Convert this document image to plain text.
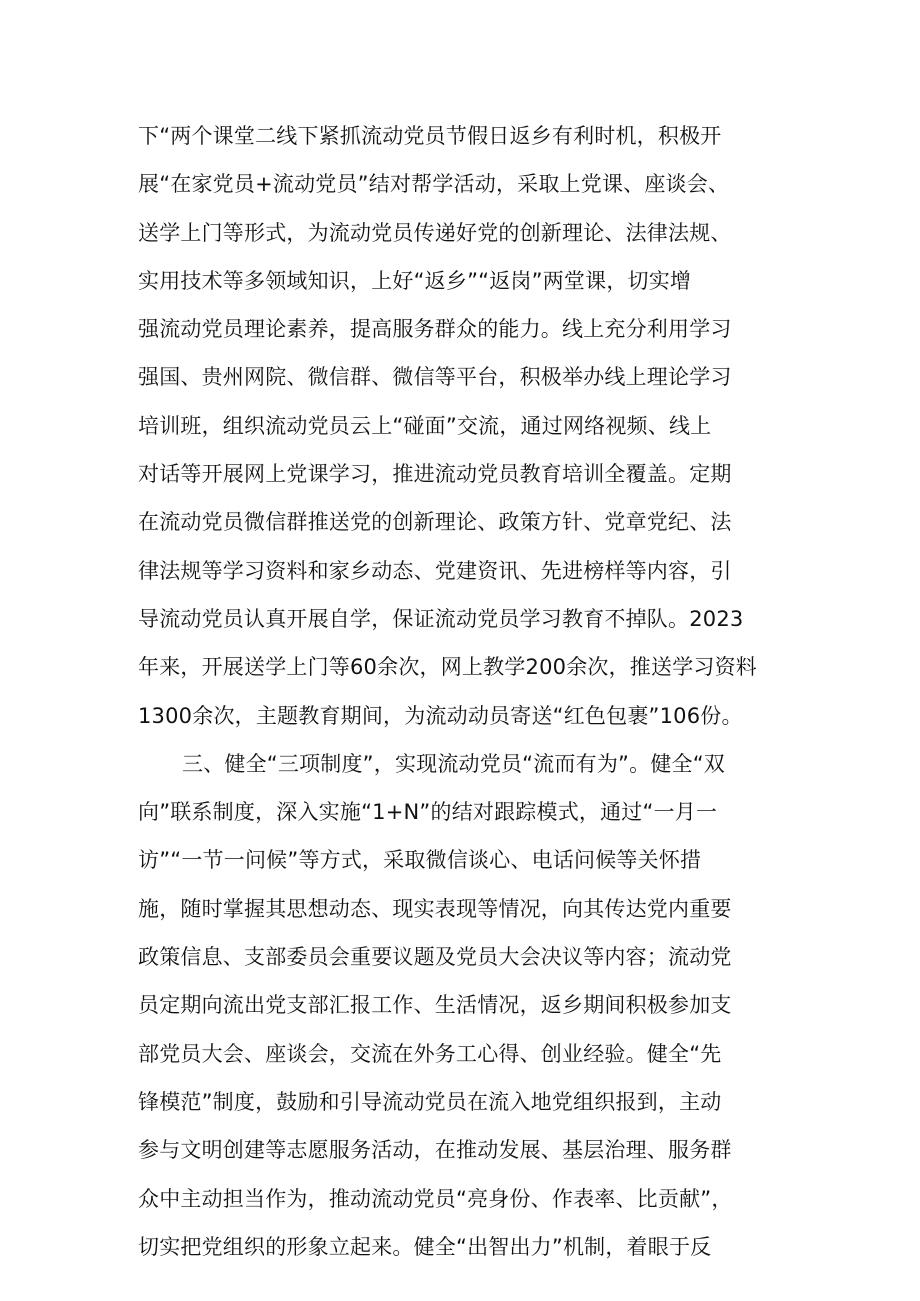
下“两个课堂二线下紧抓流动党员节假日返乡有利时机，积极开
展“在家党员+流动党员”结对帮学活动，采取上党课、座谈会、
送学上门等形式，为流动党员传递好党的创新理论、法律法规、
实用技术等多领域知识，上好“返乡”“返岗”两堂课，切实增
强流动党员理论素养，提高服务群众的能力。线上充分利用学习
强国、贵州网院、微信群、微信等平台，积极举办线上理论学习
培训班，组织流动党员云上“碰面”交流，通过网络视频、线上
对话等开展网上党课学习，推进流动党员教育培训全覆盖。定期
在流动党员微信群推送党的创新理论、政策方针、党章党纪、法
律法规等学习资料和家乡动态、党建资讯、先进榜样等内容，引
导流动党员认真开展自学，保证流动党员学习教育不掉队。2023
年来，开展送学上门等60余次，网上教学200余次，推送学习资料
1300余次，主题教育期间，为流动动员寄送“红色包裹”106份。
三、健全“三项制度”，实现流动党员“流而有为”。健全“双
向”联系制度，深入实施“1+N”的结对跟踪模式，通过“一月一
访”“一节一问候”等方式，采取微信谈心、电话问候等关怀措
施，随时掌握其思想动态、现实表现等情况，向其传达党内重要
政策信息、支部委员会重要议题及党员大会决议等内容；流动党
员定期向流出党支部汇报工作、生活情况，返乡期间积极参加支
部党员大会、座谈会，交流在外务工心得、创业经验。健全“先
锋模范”制度，鼓励和引导流动党员在流入地党组织报到，主动
参与文明创建等志愿服务活动，在推动发展、基层治理、服务群
众中主动担当作为，推动流动党员“亮身份、作表率、比贡献”，
切实把党组织的形象立起来。健全“出智出力”机制，着眼于反
